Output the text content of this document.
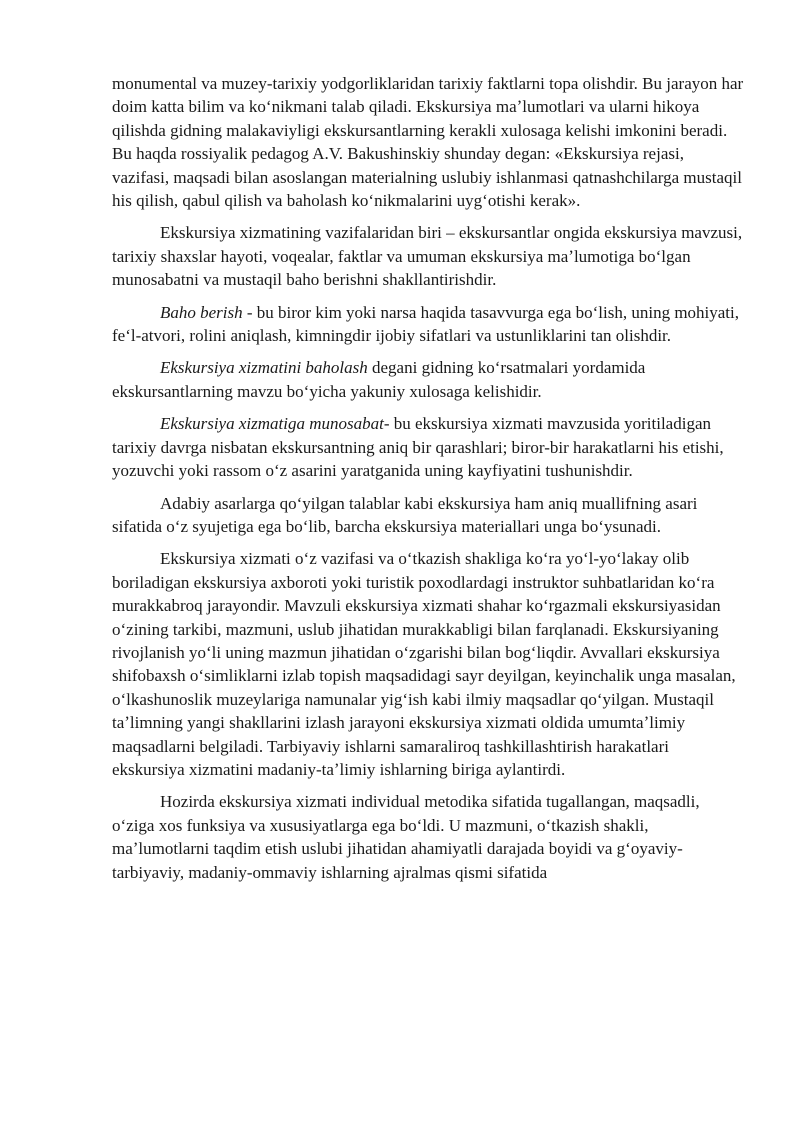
monumental va muzey-tarixiy yodgorliklaridan tarixiy faktlarni topa olishdir. Bu jarayon har doim katta bilim va koʻnikmani talab qiladi. Ekskursiya maʼlumotlari va ularni hikoya qilishda gidning malakaviyligi ekskursantlarning kerakli xulosaga kelishi imkonini beradi. Bu haqda rossiyalik pedagog A.V. Bakushinskiy shunday degan: «Ekskursiya rejasi, vazifasi, maqsadi bilan asoslangan materialning uslubiy ishlanmasi qatnashchilarga mustaqil his qilish, qabul qilish va baholash koʻnikmalarini uygʻotishi kerak».

Ekskursiya xizmatining vazifalaridan biri – ekskursantlar ongida ekskursiya mavzusi, tarixiy shaxslar hayoti, voqealar, faktlar va umuman ekskursiya maʼlumotiga boʻlgan munosabatni va mustaqil baho berishni shakllantirishdir.

Baho berish - bu biror kim yoki narsa haqida tasavvurga ega boʻlish, uning mohiyati, feʻl-atvori, rolini aniqlash, kimningdir ijobiy sifatlari va ustunliklarini tan olishdir.

Ekskursiya xizmatini baholash degani gidning koʻrsatmalari yordamida ekskursantlarning mavzu boʻyicha yakuniy xulosaga kelishidir.

Ekskursiya xizmatiga munosabat- bu ekskursiya xizmati mavzusida yoritiladigan tarixiy davrga nisbatan ekskursantning aniq bir qarashlari; biror-bir harakatlarni his etishi, yozuvchi yoki rassom oʻz asarini yaratganida uning kayfiyatini tushunishdir.

Adabiy asarlarga qoʻyilgan talablar kabi ekskursiya ham aniq muallifning asari sifatida oʻz syujetiga ega boʻlib, barcha ekskursiya materiallari unga boʻysunadi.

Ekskursiya xizmati oʻz vazifasi va oʻtkazish shakliga koʻra yoʻl-yoʻlakay olib boriladigan ekskursiya axboroti yoki turistik poxodlardagi instruktor suhbatlaridan koʻra murakkabroq jarayondir. Mavzuli ekskursiya xizmati shahar koʻrgazmali ekskursiyasidan oʻzining tarkibi, mazmuni, uslub jihatidan murakkabligi bilan farqlanadi. Ekskursiyaning rivojlanish yoʻli uning mazmun jihatidan oʻzgarishi bilan bogʻliqdir. Avvallari ekskursiya shifobaxsh oʻsimliklarni izlab topish maqsadidagi sayr deyilgan, keyinchalik unga masalan, oʻlkashunoslik muzeylariga namunalar yigʻish kabi ilmiy maqsadlar qoʻyilgan. Mustaqil taʼlimning yangi shakllarini izlash jarayoni ekskursiya xizmati oldida umumtaʼlimiy maqsadlarni belgiladi. Tarbiyaviy ishlarni samaraliroq tashkillashtirish harakatlari ekskursiya xizmatini madaniy-taʼlimiy ishlarning biriga aylantirdi.

Hozirda ekskursiya xizmati individual metodika sifatida tugallangan, maqsadli, oʻziga xos funksiya va xususiyatlarga ega boʻldi. U mazmuni, oʻtkazish shakli, maʼlumotlarni taqdim etish uslubi jihatidan ahamiyatli darajada boyidi va gʻoyaviy-tarbiyaviy, madaniy-ommaviy ishlarning ajralmas qismi sifatida
